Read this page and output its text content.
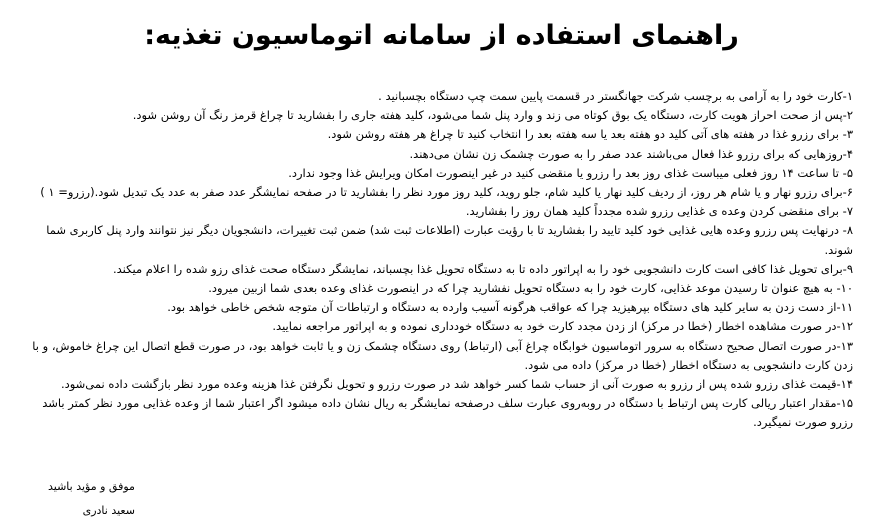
راهنمای استفاده از سامانه اتوماسیون تغذیه:
۱-کارت خود را به آرامی به برچسب شرکت جهانگستر در قسمت پایین سمت چپ دستگاه بچسبانید .
۲-پس از صحت احراز هویت کارت، دستگاه یک بوق کوتاه می زند و وارد پنل شما می‌شود، کلید هفته جاری را بفشارید تا چراغ قرمز رنگ آن روشن شود.
۳- برای رزرو غذا در هفته های آتی کلید دو هفته بعد یا سه هفته بعد را انتخاب کنید تا چراغ هر هفته روشن شود.
۴-روزهایی که برای رزرو غذا فعال می‌باشند عدد صفر را به صورت چشمک زن نشان می‌دهند.
۵- تا ساعت ۱۴ روز فعلی میباست غذای روز بعد را رزرو یا منقضی کنید در غیر اینصورت امکان ویرایش غذا وجود ندارد.
۶-برای رزرو نهار و یا شام هر روز، از ردیف کلید نهار یا کلید شام، جلو روید، کلید روز مورد نظر را بفشارید تا در صفحه نمایشگر عدد صفر به عدد یک تبدیل شود.(رزرو= ۱ )
۷- برای منقضی کردن وعده ی غذایی رزرو شده مجدداً کلید همان روز را بفشارید.
۸- درنهایت پس رزرو وعده هایی غذایی خود کلید تایید را بفشارید تا با رؤیت عبارت (اطلاعات ثبت شد) ضمن ثبت تغییرات، دانشجویان دیگر نیز نتوانند وارد پنل کاربری شما شوند.
۹-برای تحویل غذا کافی است کارت دانشجویی خود را به اپراتور داده تا به دستگاه تحویل غذا بچسباند، نمایشگر دستگاه صحت غذای رزو شده را اعلام میکند.
۱۰- به هیچ عنوان تا رسیدن موعد غذایی، کارت خود را به دستگاه تحویل نفشارید چرا که در اینصورت غذای وعده بعدی شما ازبین میرود.
۱۱-از دست زدن به سایر کلید های دستگاه بپرهیزید چرا که عواقب هرگونه آسیب وارده به دستگاه و ارتباطات آن متوجه شخص خاطی خواهد بود.
۱۲-در صورت مشاهده اخطار (خطا در مرکز) از زدن مجدد کارت خود به دستگاه خودداری نموده و به اپراتور مراجعه نمایید.
۱۳-در صورت اتصال صحیح دستگاه به سرور اتوماسیون خوابگاه چراغ آبی (ارتباط) روی دستگاه چشمک زن و یا ثابت خواهد بود، در صورت قطع اتصال این چراغ خاموش، و با زدن کارت دانشجویی به دستگاه اخطار (خطا در مرکز) داده می شود.
۱۴-قیمت غذای رزرو شده پس از رزرو به صورت آنی از حساب شما کسر خواهد شد در صورت رزرو و تحویل نگرفتن غذا هزینه وعده مورد نظر بازگشت داده نمی‌شود.
۱۵-مقدار اعتبار ریالی کارت پس ارتباط با دستگاه در روبه‌روی عبارت سلف درصفحه نمایشگر به ریال نشان داده میشود اگر اعتبار شما از وعده غذایی مورد نظر کمتر باشد رزرو صورت نمیگیرد.
موفق و مؤید باشید
سعید نادری
